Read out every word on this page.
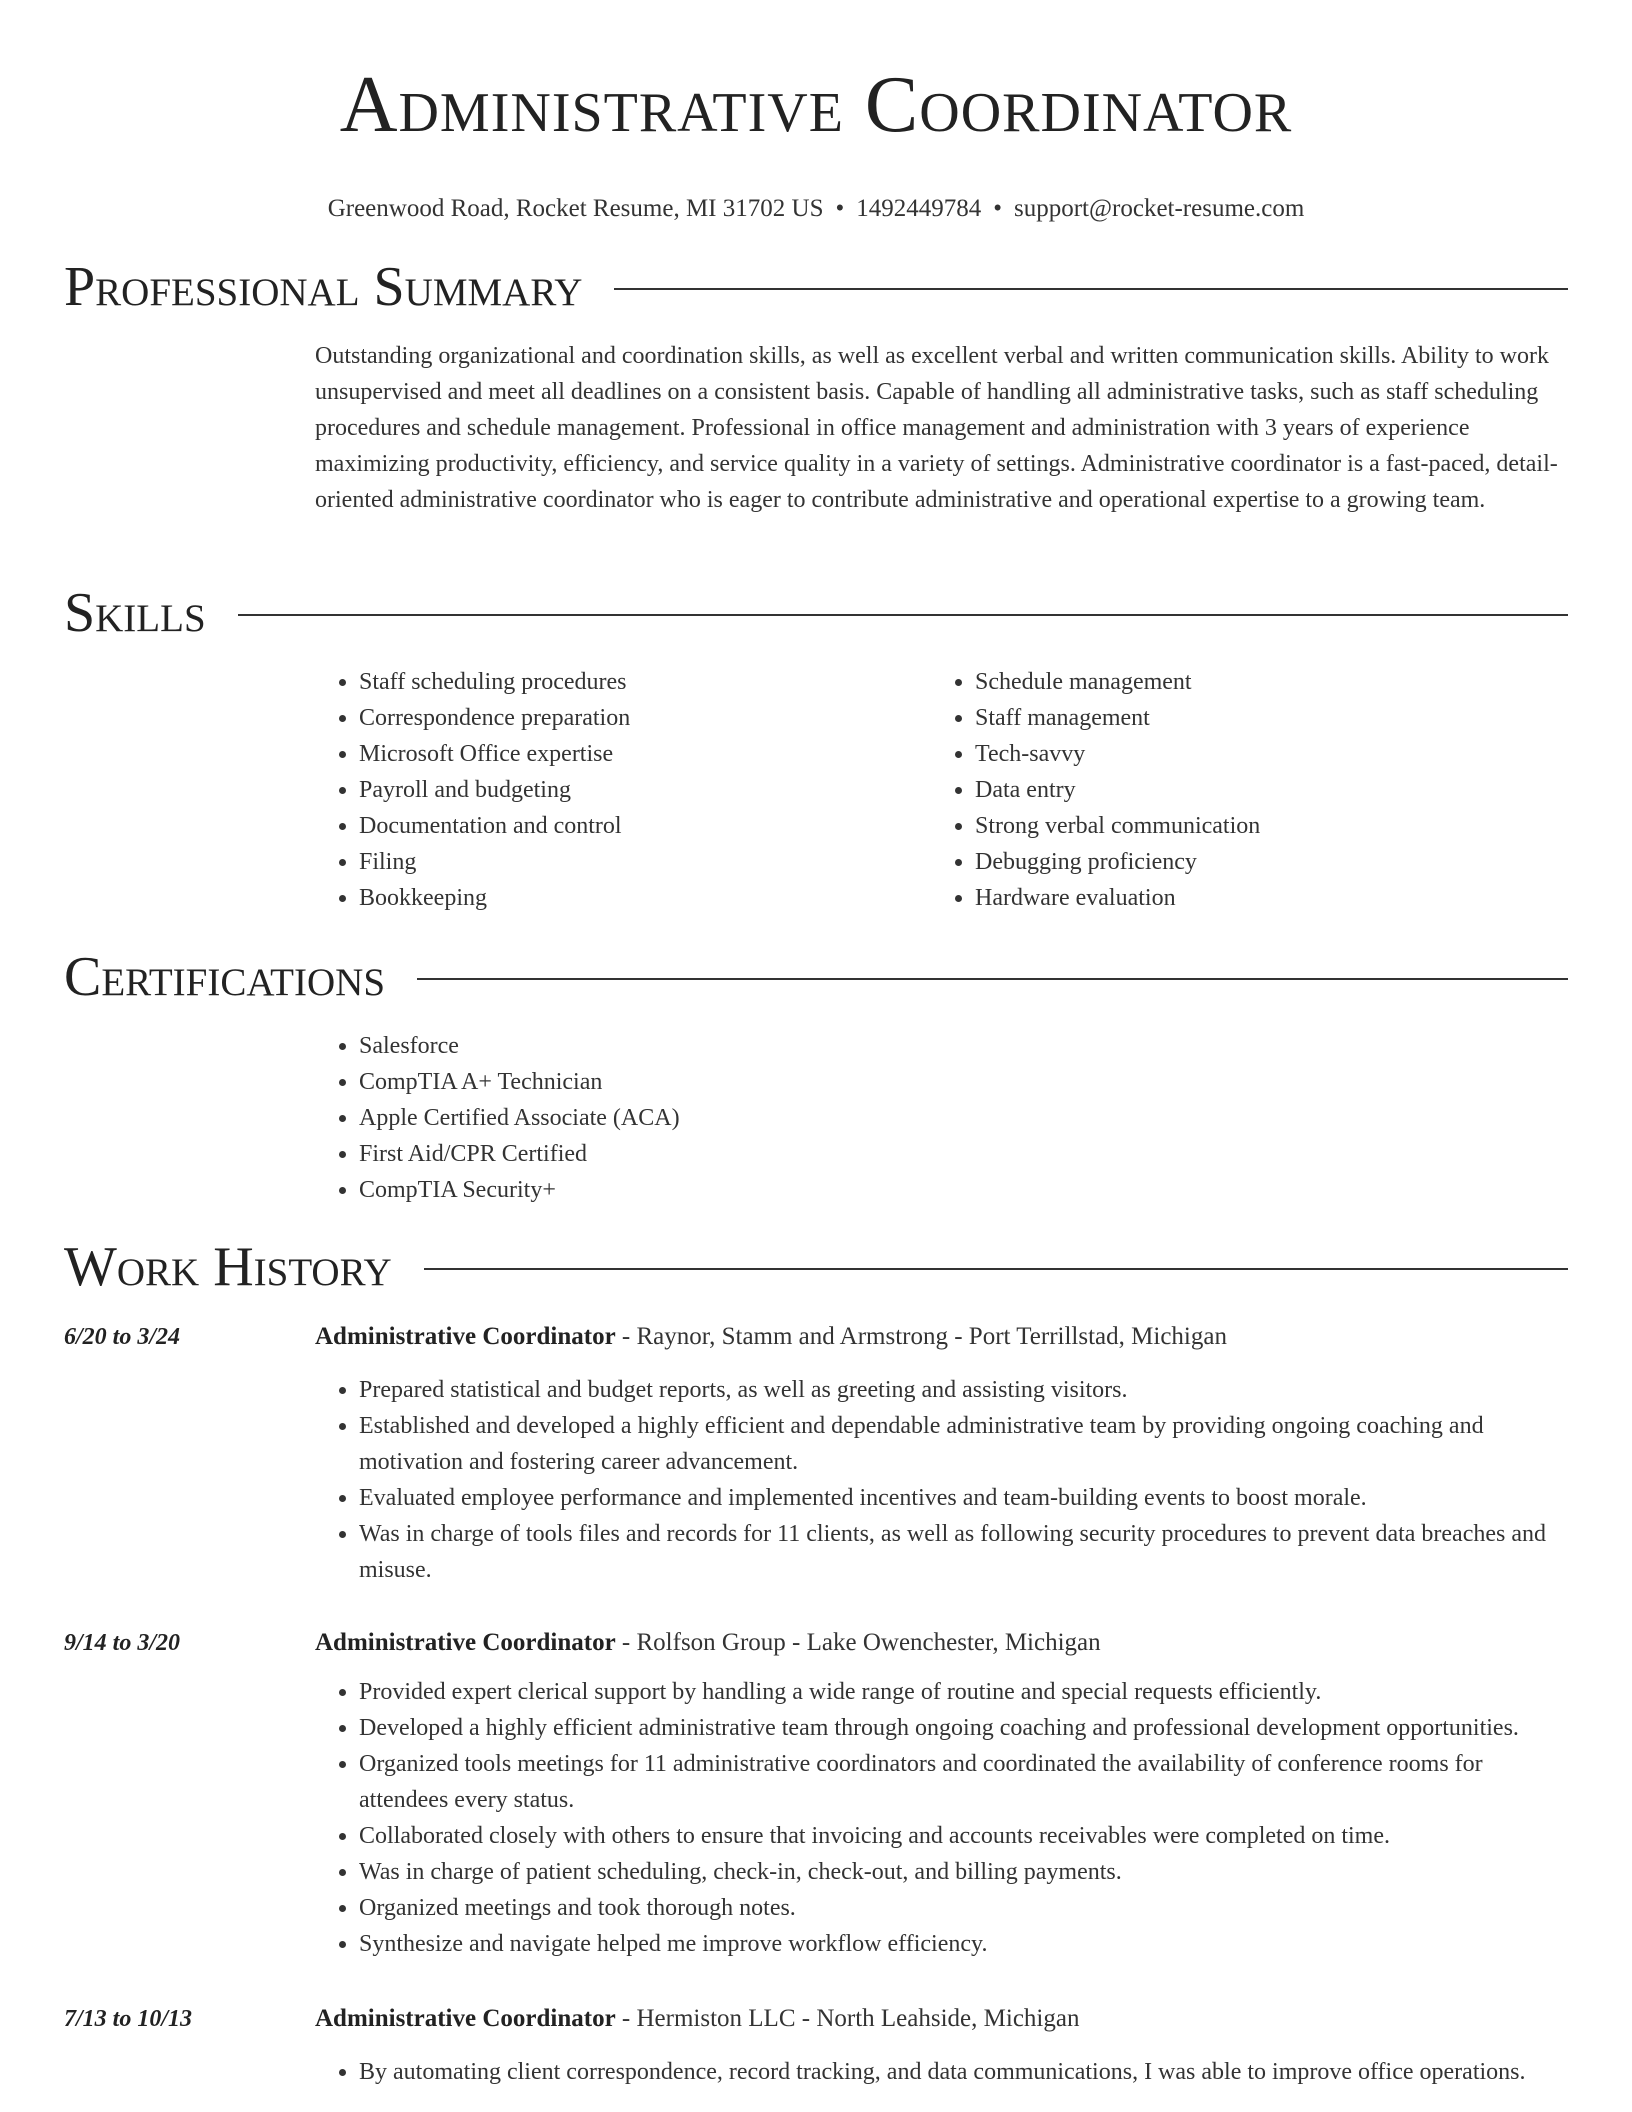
Administrative Coordinator
Greenwood Road, Rocket Resume, MI 31702 US • 1492449784 • support@rocket-resume.com
Professional Summary

Outstanding organizational and coordination skills, as well as excellent verbal and written communication skills. Ability to work unsupervised and meet all deadlines on a consistent basis. Capable of handling all administrative tasks, such as staff scheduling procedures and schedule management. Professional in office management and administration with 3 years of experience maximizing productivity, efficiency, and service quality in a variety of settings. Administrative coordinator is a fast-paced, detail-oriented administrative coordinator who is eager to contribute administrative and operational expertise to a growing team.

Skills
• Staff scheduling procedures
• Correspondence preparation
• Microsoft Office expertise
• Payroll and budgeting
• Documentation and control
• Filing
• Bookkeeping
• Schedule management
• Staff management
• Tech-savvy
• Data entry
• Strong verbal communication
• Debugging proficiency
• Hardware evaluation
Certifications
• Salesforce
• CompTIA A+ Technician
• Apple Certified Associate (ACA)
• First Aid/CPR Certified
• CompTIA Security+
Work History
6/20 to 3/24	Administrative Coordinator - Raynor, Stamm and Armstrong - Port Terrillstad, Michigan
• Prepared statistical and budget reports, as well as greeting and assisting visitors.
• Established and developed a highly efficient and dependable administrative team by providing ongoing coaching and motivation and fostering career advancement.
• Evaluated employee performance and implemented incentives and team-building events to boost morale.
• Was in charge of tools files and records for 11 clients, as well as following security procedures to prevent data breaches and misuse.
9/14 to 3/20	Administrative Coordinator - Rolfson Group - Lake Owenchester, Michigan
• Provided expert clerical support by handling a wide range of routine and special requests efficiently.
• Developed a highly efficient administrative team through ongoing coaching and professional development opportunities.
• Organized tools meetings for 11 administrative coordinators and coordinated the availability of conference rooms for attendees every status.
• Collaborated closely with others to ensure that invoicing and accounts receivables were completed on time.
• Was in charge of patient scheduling, check-in, check-out, and billing payments.
• Organized meetings and took thorough notes.
• Synthesize and navigate helped me improve workflow efficiency.
7/13 to 10/13	Administrative Coordinator - Hermiston LLC - North Leahside, Michigan
• By automating client correspondence, record tracking, and data communications, I was able to improve office operations.
